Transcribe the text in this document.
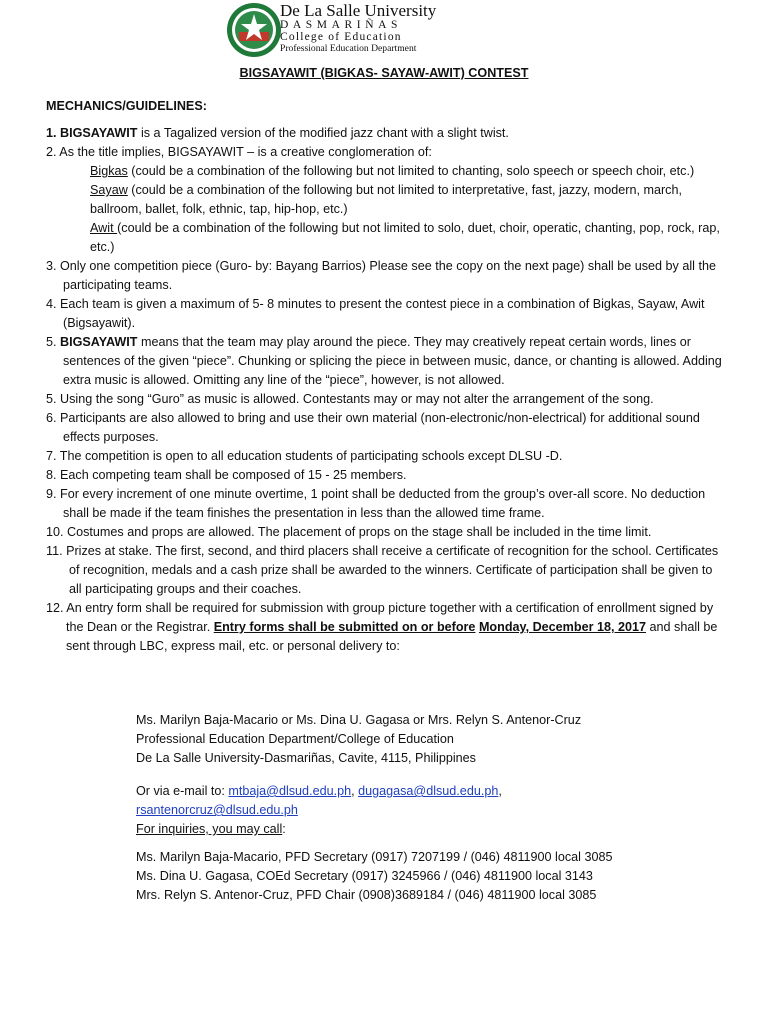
De La Salle University
DASMARIÑAS
College of Education
Professional Education Department
BIGSAYAWIT (BIGKAS- SAYAW-AWIT) CONTEST
MECHANICS/GUIDELINES:

1. BIGSAYAWIT is a Tagalized version of the modified jazz chant with a slight twist.

2. As the title implies, BIGSAYAWIT – is a creative conglomeration of:

Bigkas (could be a combination of the following but not limited to chanting, solo speech or speech choir, etc.)

Sayaw (could be a combination of the following but not limited to interpretative, fast, jazzy, modern, march, ballroom, ballet, folk, ethnic, tap, hip-hop, etc.)

Awit (could be a combination of the following but not limited to solo, duet, choir, operatic, chanting, pop, rock, rap, etc.)

3. Only one competition piece (Guro- by: Bayang Barrios) Please see the copy on the next page) shall be used by all the participating teams.

4. Each team is given a maximum of 5- 8 minutes to present the contest piece in a combination of Bigkas, Sayaw, Awit (Bigsayawit).

5. BIGSAYAWIT means that the team may play around the piece. They may creatively repeat certain words, lines or sentences of the given “piece”. Chunking or splicing the piece in between music, dance, or chanting is allowed. Adding extra music is allowed. Omitting any line of the “piece”, however, is not allowed.

5. Using the song “Guro” as music is allowed. Contestants may or may not alter the arrangement of the song.

6. Participants are also allowed to bring and use their own material (non-electronic/non-electrical) for additional sound effects purposes.

7. The competition is open to all education students of participating schools except DLSU -D.

8. Each competing team shall be composed of 15 - 25 members.

9. For every increment of one minute overtime, 1 point shall be deducted from the group’s over-all score. No deduction shall be made if the team finishes the presentation in less than the allowed time frame.

10. Costumes and props are allowed. The placement of props on the stage shall be included in the time limit.

11. Prizes at stake. The first, second, and third placers shall receive a certificate of recognition for the school. Certificates of recognition, medals and a cash prize shall be awarded to the winners. Certificate of participation shall be given to all participating groups and their coaches.

12. An entry form shall be required for submission with group picture together with a certification of enrollment signed by the Dean or the Registrar. Entry forms shall be submitted on or before Monday, December 18, 2017 and shall be sent through LBC, express mail, etc. or personal delivery to:

Ms. Marilyn Baja-Macario or Ms. Dina U. Gagasa or Mrs. Relyn S. Antenor-Cruz

Professional Education Department/College of Education

De La Salle University-Dasmariñas, Cavite, 4115, Philippines

Or via e-mail to: mtbaja@dlsud.edu.ph, dugagasa@dlsud.edu.ph,

rsantenorcruz@dlsud.edu.ph

For inquiries, you may call:

Ms. Marilyn Baja-Macario, PFD Secretary (0917) 7207199 / (046) 4811900 local 3085

Ms. Dina U. Gagasa, COEd Secretary (0917) 3245966 / (046) 4811900 local 3143

Mrs. Relyn S. Antenor-Cruz, PFD Chair (0908)3689184 / (046) 4811900 local 3085
